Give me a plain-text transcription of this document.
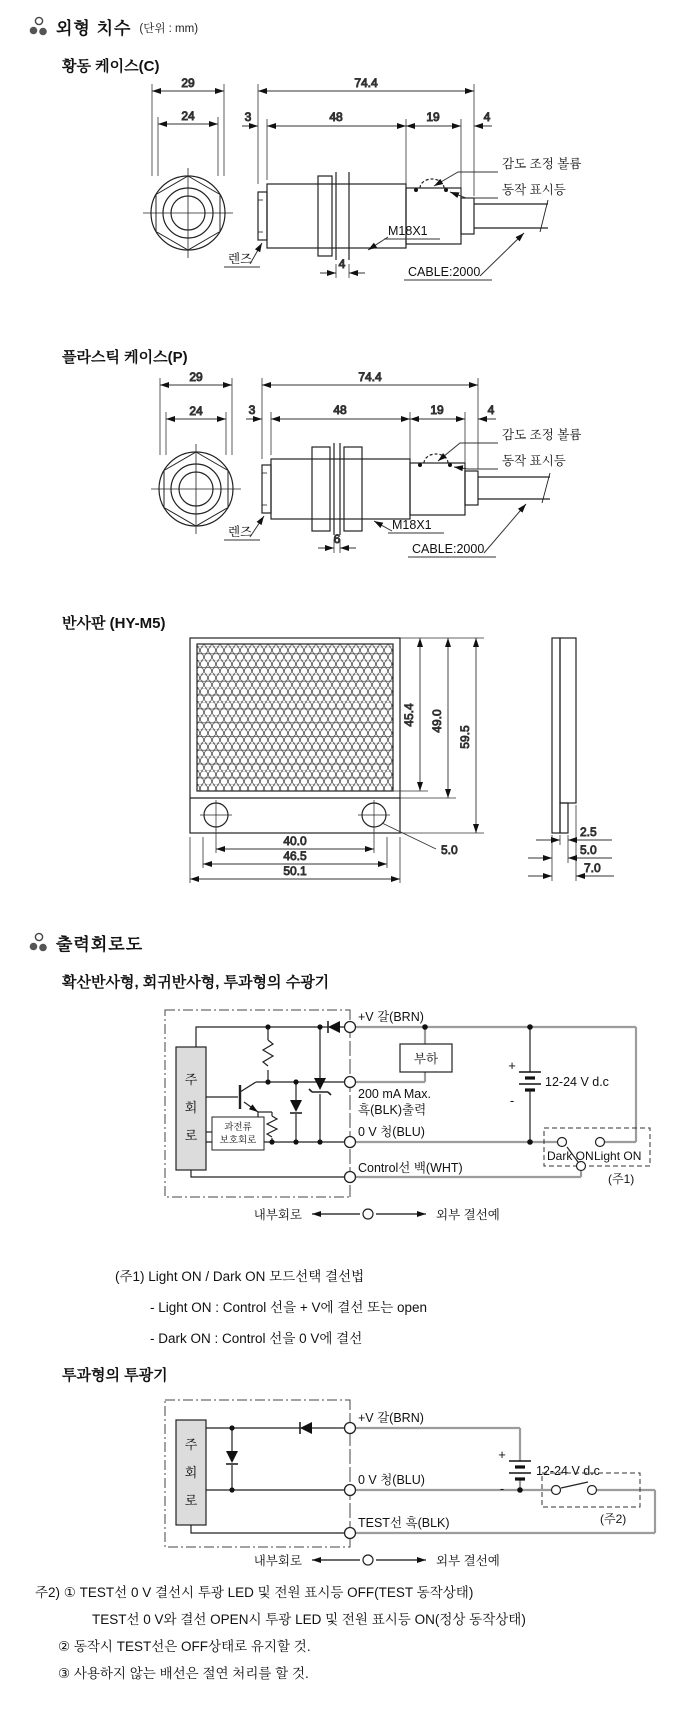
외형 치수 (단위 : mm)
황동 케이스(C)
29
24
74.4
3	48	19	4
4
감도 조정 볼륨
동작 표시등
M18X1
렌즈
CABLE:2000
플라스틱 케이스(P)
29
24
74.4
3	48	19	4
6
감도 조정 볼륨
동작 표시등
M18X1
렌즈
CABLE:2000
반사판 (HY-M5)
45.4 49.0
59.5
40.0
46.5
50.1
5.0
2.5
5.0
7.0
출력회로도
확산반사형, 회귀반사형, 투과형의 수광기
주
회
로
과전류
보호회로
부하	+
-
12-24 V d.c
Dark ON Light ON
(주1)
+V 갈(BRN)
200 mA Max.
흑(BLK)출력
0 V 청(BLU)
Control선 백(WHT)
내부회로	외부 결선예
(주1) Light ON / Dark ON 모드선택 결선법
- Light ON : Control 선을 + V에 결선 또는 open
- Dark ON : Control 선을 0 V에 결선
투과형의 투광기
주
회
로
+
-
12-24 V d.c
(주2)
+V 갈(BRN)
0 V 청(BLU)
TEST선 흑(BLK)
내부회로	외부 결선예
주2) ① TEST선 0 V 결선시 투광 LED 및 전원 표시등 OFF(TEST 동작상태)
TEST선 0 V와 결선 OPEN시 투광 LED 및 전원 표시등 ON(정상 동작상태)
② 동작시 TEST선은 OFF상태로 유지할 것.
③ 사용하지 않는 배선은 절연 처리를 할 것.
